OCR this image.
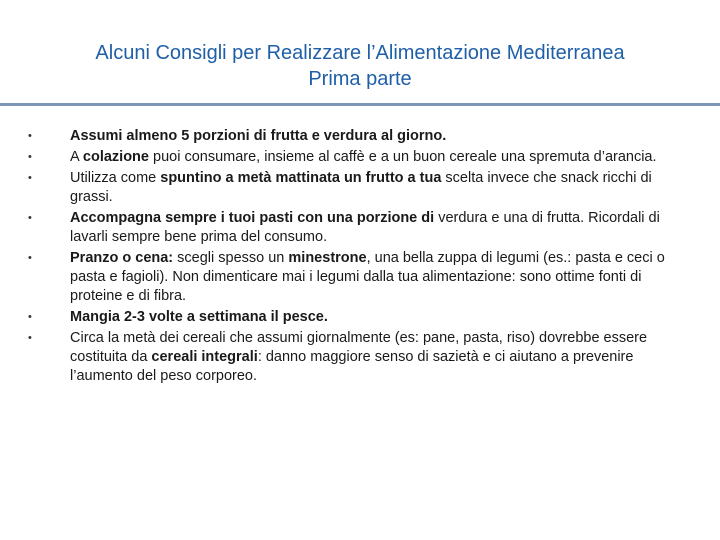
Alcuni Consigli per Realizzare l’Alimentazione Mediterranea
Prima parte
•	Assumi almeno 5 porzioni di frutta e verdura al giorno.
•	A colazione puoi consumare, insieme al caffè e a un buon cereale una spremuta d’arancia.
•	Utilizza come spuntino a metà mattinata un frutto a tua scelta invece che snack ricchi di grassi.
•	Accompagna sempre i tuoi pasti con una porzione di verdura e una di frutta. Ricordali di lavarli sempre bene prima del consumo.
•	Pranzo o cena: scegli spesso un minestrone, una bella zuppa di legumi (es.: pasta e ceci o pasta e fagioli). Non dimenticare mai i legumi dalla tua alimentazione: sono ottime fonti di proteine e di fibra.
•	Mangia 2-3 volte a settimana il pesce.
•	Circa la metà dei cereali che assumi giornalmente (es: pane, pasta, riso) dovrebbe essere costituita da cereali integrali: danno maggiore senso di sazietà e ci aiutano a prevenire l’aumento del peso corporeo.
